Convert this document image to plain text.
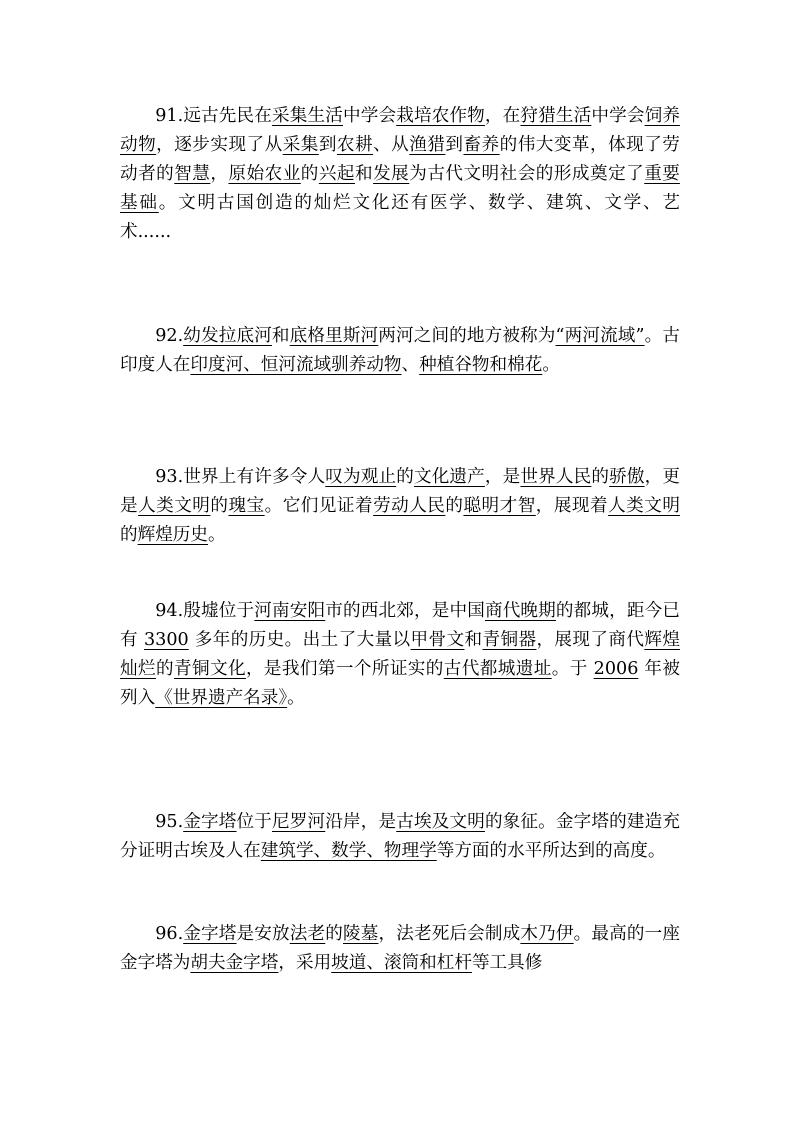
91.远古先民在采集生活中学会栽培农作物，在狩猎生活中学会饲养动物，逐步实现了从采集到农耕、从渔猎到畜养的伟大变革，体现了劳动者的智慧，原始农业的兴起和发展为古代文明社会的形成奠定了重要基础。文明古国创造的灿烂文化还有医学、数学、建筑、文学、艺术......

92.幼发拉底河和底格里斯河两河之间的地方被称为“两河流域”。古印度人在印度河、恒河流域驯养动物、种植谷物和棉花。

93.世界上有许多令人叹为观止的文化遗产，是世界人民的骄傲，更是人类文明的瑰宝。它们见证着劳动人民的聪明才智，展现着人类文明的辉煌历史。

94.殷墟位于河南安阳市的西北郊，是中国商代晚期的都城，距今已有 3300 多年的历史。出土了大量以甲骨文和青铜器，展现了商代辉煌灿烂的青铜文化，是我们第一个所证实的古代都城遗址。于 2006 年被列入《世界遗产名录》。

95.金字塔位于尼罗河沿岸，是古埃及文明的象征。金字塔的建造充分证明古埃及人在建筑学、数学、物理学等方面的水平所达到的高度。

96.金字塔是安放法老的陵墓，法老死后会制成木乃伊。最高的一座金字塔为胡夫金字塔，采用坡道、滚筒和杠杆等工具修
